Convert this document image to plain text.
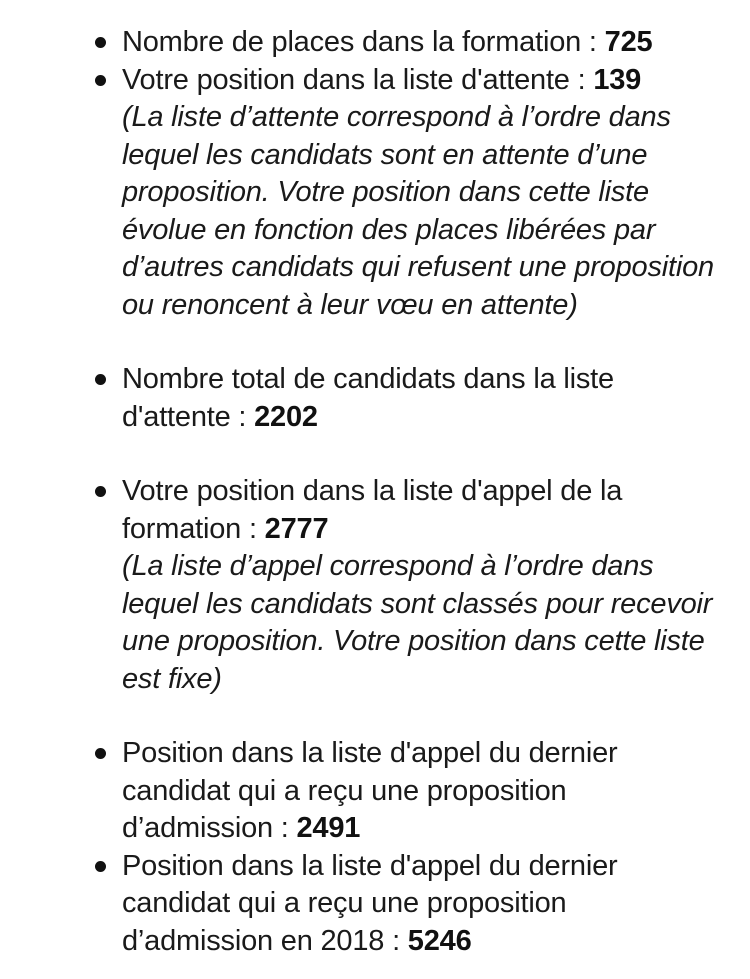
Nombre de places dans la formation : 725
Votre position dans la liste d'attente : 139
(La liste d’attente correspond à l’ordre dans lequel les candidats sont en attente d’une proposition. Votre position dans cette liste évolue en fonction des places libérées par d’autres candidats qui refusent une proposition ou renoncent à leur vœu en attente)
Nombre total de candidats dans la liste d'attente : 2202
Votre position dans la liste d'appel de la formation : 2777
(La liste d’appel correspond à l’ordre dans lequel les candidats sont classés pour recevoir une proposition. Votre position dans cette liste est fixe)
Position dans la liste d'appel du dernier candidat qui a reçu une proposition d’admission : 2491
Position dans la liste d'appel du dernier candidat qui a reçu une proposition d’admission en 2018 : 5246
